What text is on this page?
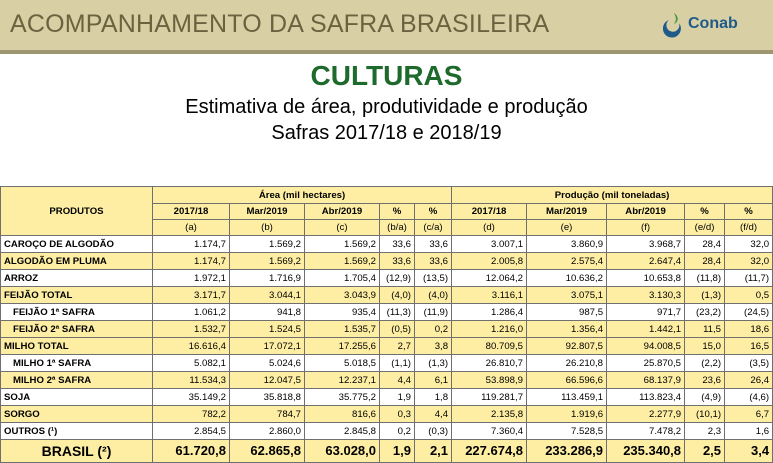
ACOMPANHAMENTO DA SAFRA BRASILEIRA	Conab
CULTURAS
Estimativa de área, produtividade e produção
Safras 2017/18 e 2018/19
PRODUTOS	Área (mil hectares)					Produção (mil toneladas)				
	2017/18	Mar/2019	Abr/2019	%	%	2017/18	Mar/2019	Abr/2019	%	%
	(a)	(b)	(c)	(b/a)	(c/a)	(d)	(e)	(f)	(e/d)	(f/d)
CAROÇO DE ALGODÃO	1.174,7	1.569,2	1.569,2	33,6	33,6	3.007,1	3.860,9	3.968,7	28,4	32,0
ALGODÃO EM PLUMA	1.174,7	1.569,2	1.569,2	33,6	33,6	2.005,8	2.575,4	2.647,4	28,4	32,0
ARROZ	1.972,1	1.716,9	1.705,4	(12,9)	(13,5)	12.064,2	10.636,2	10.653,8	(11,8)	(11,7)
FEIJÃO TOTAL	3.171,7	3.044,1	3.043,9	(4,0)	(4,0)	3.116,1	3.075,1	3.130,3	(1,3)	0,5
FEIJÃO 1ª SAFRA	1.061,2	941,8	935,4	(11,3)	(11,9)	1.286,4	987,5	971,7	(23,2)	(24,5)
FEIJÃO 2ª SAFRA	1.532,7	1.524,5	1.535,7	(0,5)	0,2	1.216,0	1.356,4	1.442,1	11,5	18,6
MILHO TOTAL	16.616,4	17.072,1	17.255,6	2,7	3,8	80.709,5	92.807,5	94.008,5	15,0	16,5
MILHO 1ª SAFRA	5.082,1	5.024,6	5.018,5	(1,1)	(1,3)	26.810,7	26.210,8	25.870,5	(2,2)	(3,5)
MILHO 2ª SAFRA	11.534,3	12.047,5	12.237,1	4,4	6,1	53.898,9	66.596,6	68.137,9	23,6	26,4
SOJA	35.149,2	35.818,8	35.775,2	1,9	1,8	119.281,7	113.459,1	113.823,4	(4,9)	(4,6)
SORGO	782,2	784,7	816,6	0,3	4,4	2.135,8	1.919,6	2.277,9	(10,1)	6,7
OUTROS (¹)	2.854,5	2.860,0	2.845,8	0,2	(0,3)	7.360,4	7.528,5	7.478,2	2,3	1,6
BRASIL (²)	61.720,8	62.865,8	63.028,0	1,9	2,1	227.674,8	233.286,9	235.340,8	2,5	3,4
